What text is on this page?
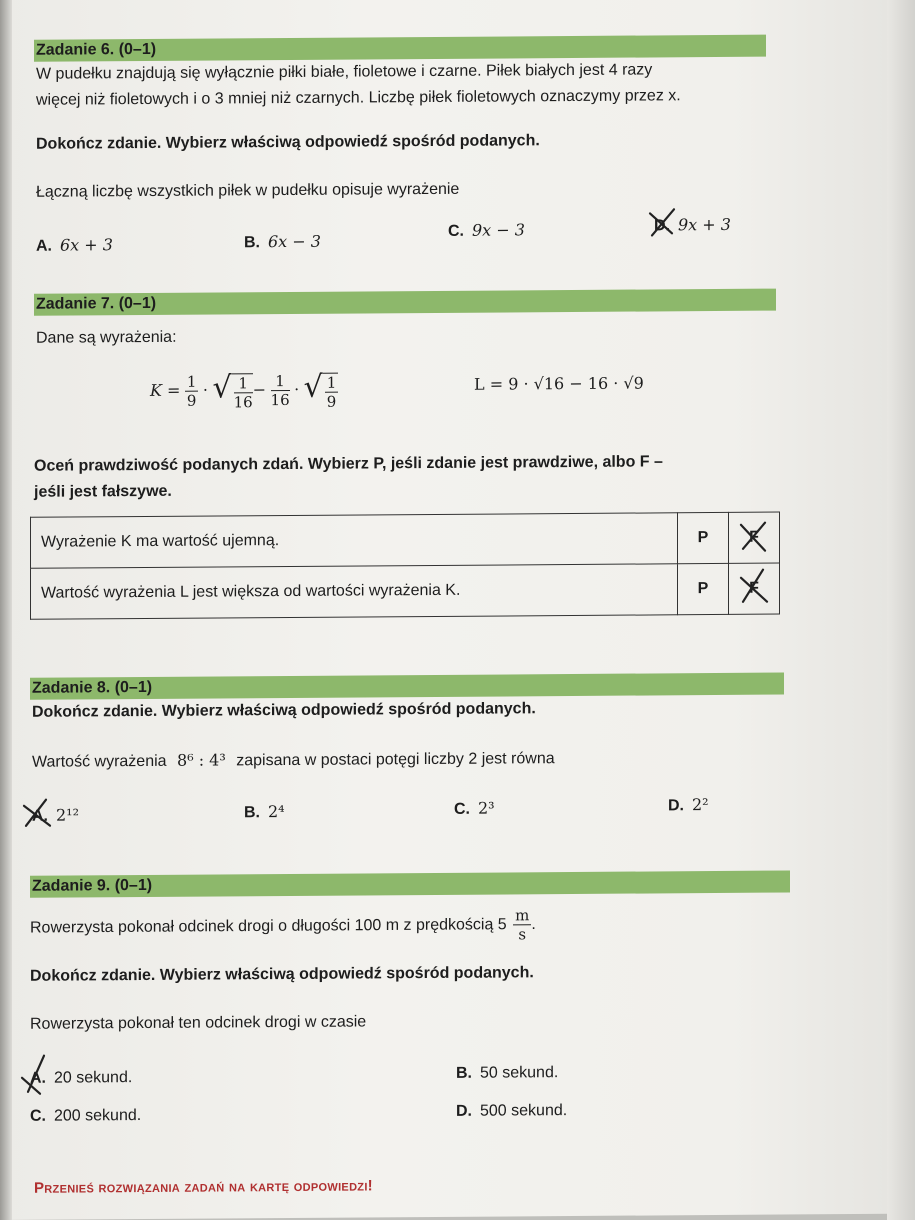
Zadanie 6. (0–1)
W pudełku znajdują się wyłącznie piłki białe, fioletowe i czarne. Piłek białych jest 4 razy
więcej niż fioletowych i o 3 mniej niż czarnych. Liczbę piłek fioletowych oznaczymy przez x.
Dokończ zdanie. Wybierz właściwą odpowiedź spośród podanych.
Łączną liczbę wszystkich piłek w pudełku opisuje wyrażenie
A. 6x + 3	B. 6x − 3
C. 9x − 3	D. 9x + 3
Zadanie 7. (0–1)
Dane są wyrażenia:
$K = \frac{1}{9}$ · √ $\frac{1}{16} - \frac{1}{16}$ · √ $\frac{1}{9}$	L = 9 · √16 − 16 · √9
Oceń prawdziwość podanych zdań. Wybierz P, jeśli zdanie jest prawdziwe, albo F –
jeśli jest fałszywe.
Wyrażenie K ma wartość ujemną.	P	F

Wartość wyrażenia L jest większa od wartości wyrażenia K.	P	F
Zadanie 8. (0–1)
Dokończ zdanie. Wybierz właściwą odpowiedź spośród podanych.
Wartość wyrażenia 8⁶ : 4³ zapisana w postaci potęgi liczby 2 jest równa
A. 2¹²	B. 2⁴	C. 2³	D. 2²
Zadanie 9. (0–1)
Rowerzysta pokonał odcinek drogi o długości 100 m z prędkością $5 \frac{m}{s}$ .
Dokończ zdanie. Wybierz właściwą odpowiedź spośród podanych.
Rowerzysta pokonał ten odcinek drogi w czasie
A. 20 sekund.	B. 50 sekund.
C. 200 sekund.	D. 500 sekund.
Przenieś rozwiązania zadań na kartę odpowiedzi!
